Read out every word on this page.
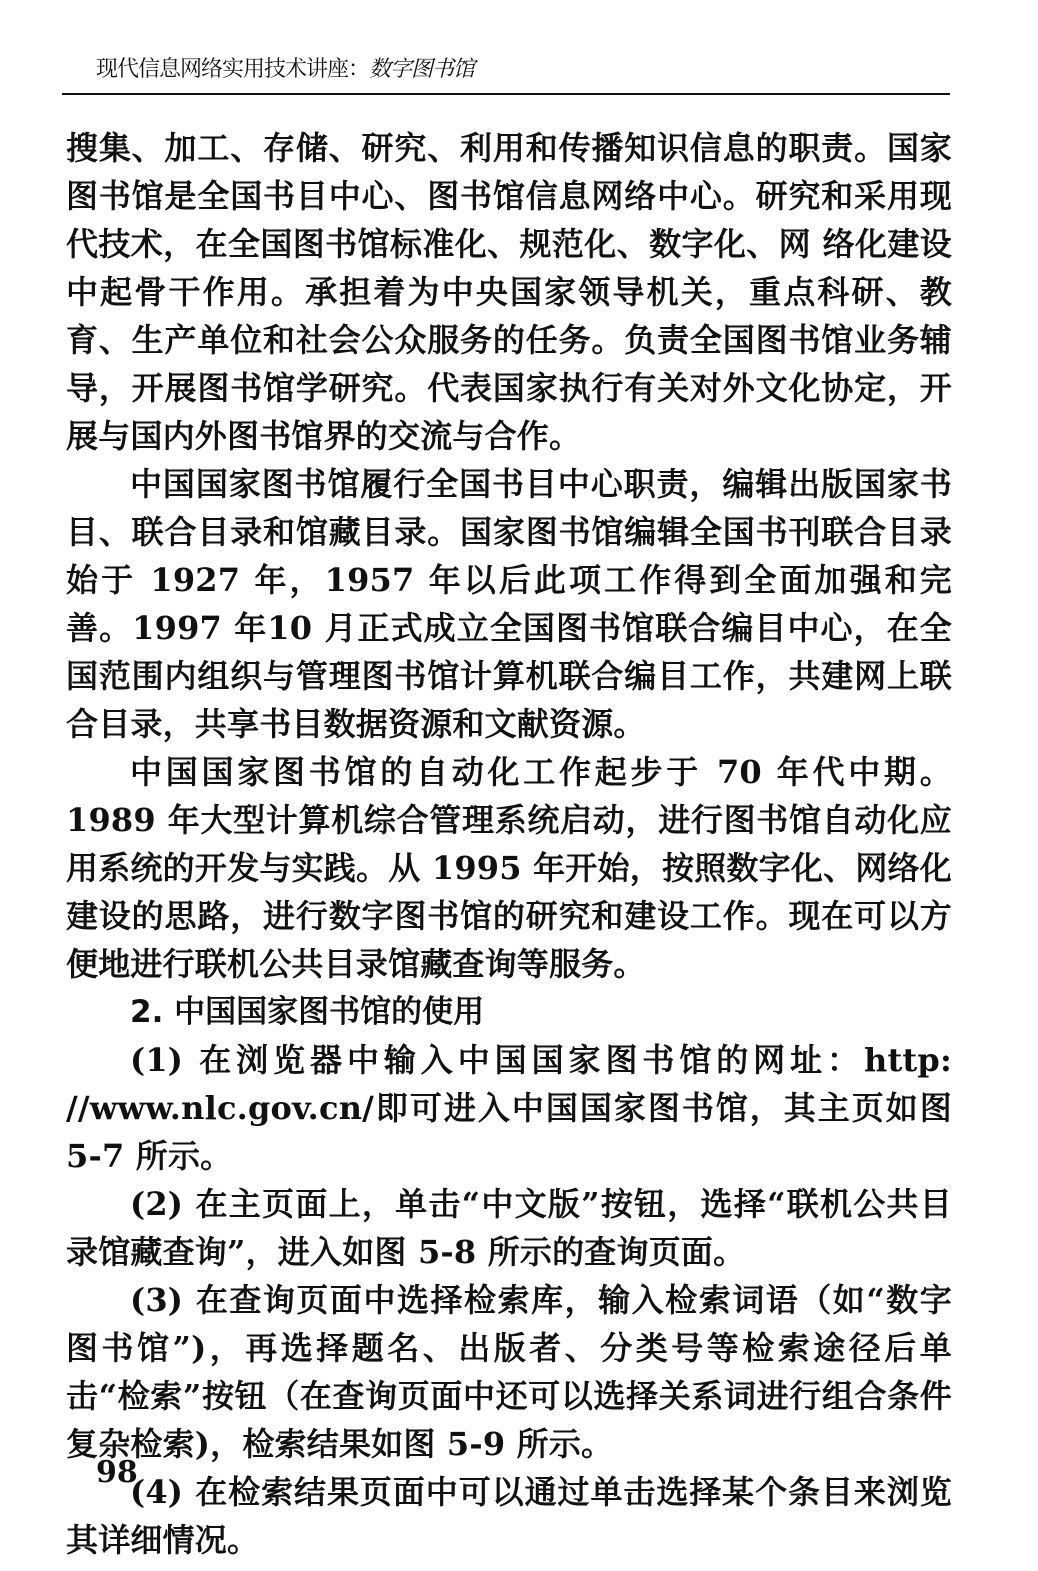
现代信息网络实用技术讲座：数字图书馆

搜集、加工、存储、研究、利用和传播知识信息的职责。国家图书馆是全国书目中心、图书馆信息网络中心。研究和采用现代技术，在全国图书馆标准化、规范化、数字化、网 络化建设中起骨干作用。承担着为中央国家领导机关，重点科研、教育、生产单位和社会公众服务的任务。负责全国图书馆业务辅导，开展图书馆学研究。代表国家执行有关对外文化协定，开展与国内外图书馆界的交流与合作。

中国国家图书馆履行全国书目中心职责，编辑出版国家书目、联合目录和馆藏目录。国家图书馆编辑全国书刊联合目录始于 1927 年，1957 年以后此项工作得到全面加强和完善。1997 年10 月正式成立全国图书馆联合编目中心，在全国范围内组织与管理图书馆计算机联合编目工作，共建网上联合目录，共享书目数据资源和文献资源。

中国国家图书馆的自动化工作起步于 70 年代中期。1989 年大型计算机综合管理系统启动，进行图书馆自动化应用系统的开发与实践。从 1995 年开始，按照数字化、网络化建设的思路，进行数字图书馆的研究和建设工作。现在可以方便地进行联机公共目录馆藏查询等服务。

2. 中国国家图书馆的使用

(1) 在浏览器中输入中国国家图书馆的网址：http: //www.nlc.gov.cn/即可进入中国国家图书馆，其主页如图 5-7 所示。

(2) 在主页面上，单击“中文版”按钮，选择“联机公共目录馆藏查询”，进入如图 5-8 所示的查询页面。

(3) 在查询页面中选择检索库，输入检索词语（如“数字图书馆”)，再选择题名、出版者、分类号等检索途径后单击“检索”按钮（在查询页面中还可以选择关系词进行组合条件复杂检索)，检索结果如图 5-9 所示。

(4) 在检索结果页面中可以通过单击选择某个条目来浏览其详细情况。

98
